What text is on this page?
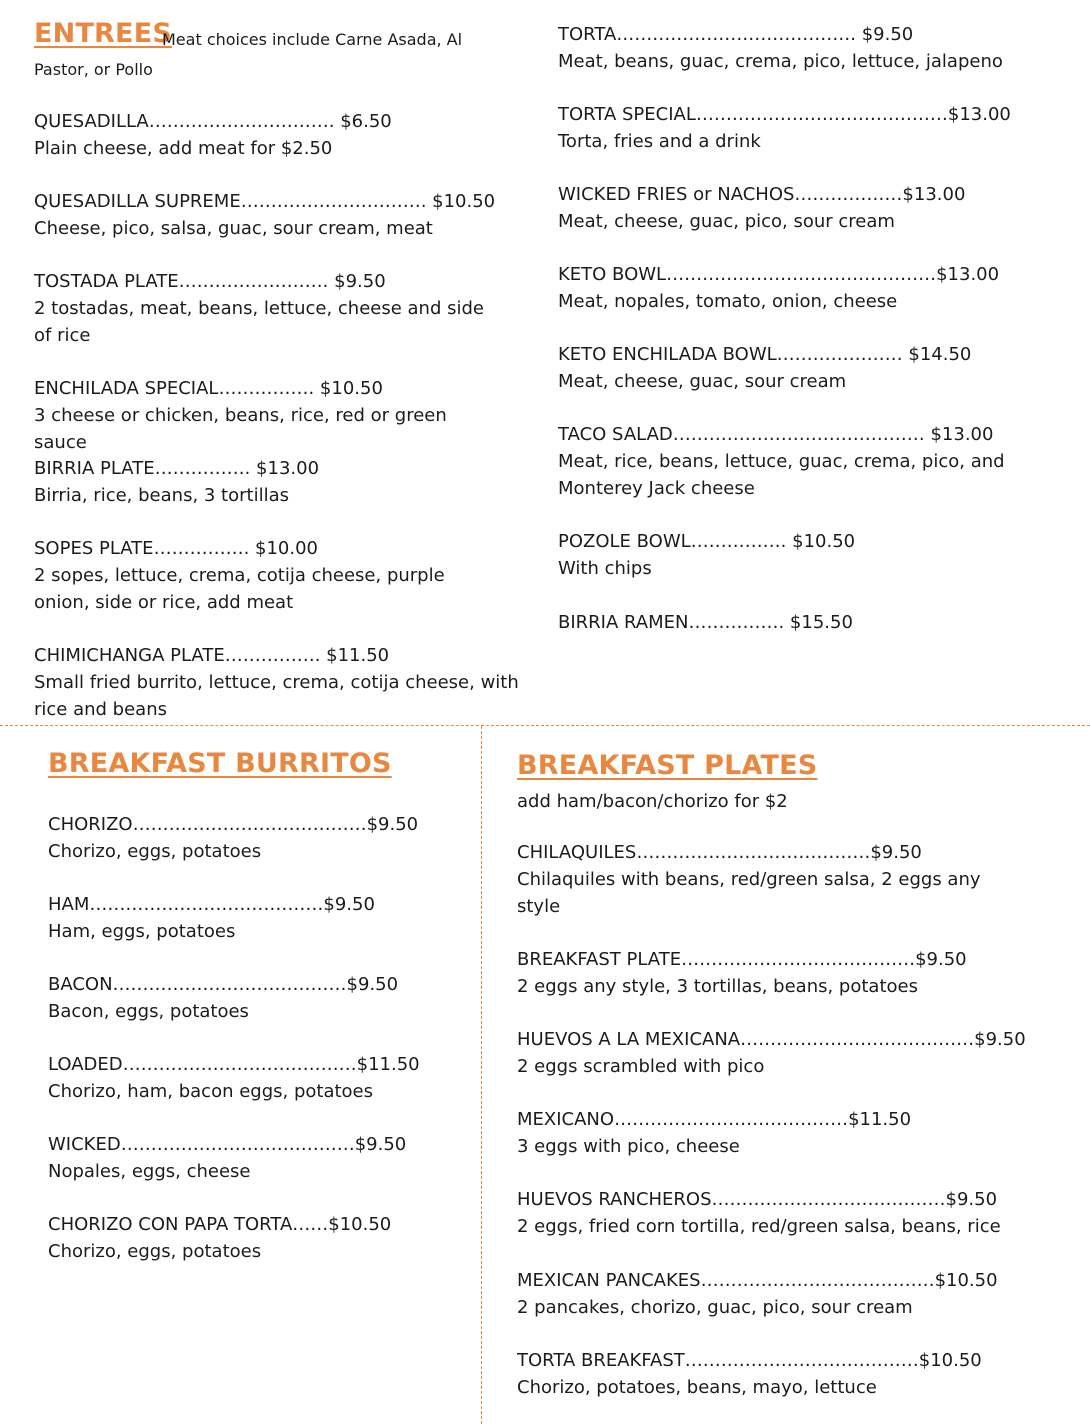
ENTREES
Meat choices include Carne Asada, Al
Pastor, or Pollo
QUESADILLA…………………………. $6.50
Plain cheese, add meat for $2.50
QUESADILLA SUPREME…………………………. $10.50
Cheese, pico, salsa, guac, sour cream, meat
TOSTADA PLATE……………………. $9.50
2 tostadas, meat, beans, lettuce, cheese and side of rice
ENCHILADA SPECIAL……………. $10.50
3 cheese or chicken, beans, rice, red or green sauce
BIRRIA PLATE……………. $13.00
Birria, rice, beans, 3 tortillas
SOPES PLATE……………. $10.00
2 sopes, lettuce, crema, cotija cheese, purple onion, side or rice, add meat
CHIMICHANGA PLATE……………. $11.50
Small fried burrito, lettuce, crema, cotija cheese, with rice and beans
TORTA…………………………………. $9.50
Meat, beans, guac, crema, pico, lettuce, jalapeno
TORTA SPECIAL……………………………………$13.00
Torta, fries and a drink
WICKED FRIES or NACHOS………………$13.00
Meat, cheese, guac, pico, sour cream
KETO BOWL………………………………………$13.00
Meat, nopales, tomato, onion, cheese
KETO ENCHILADA BOWL………………… $14.50
Meat, cheese, guac, sour cream
TACO SALAD…………………………………… $13.00
Meat, rice, beans, lettuce, guac, crema, pico, and Monterey Jack cheese
POZOLE BOWL……………. $10.50
With chips
BIRRIA RAMEN……………. $15.50
BREAKFAST BURRITOS
CHORIZO…………………………………$9.50
Chorizo, eggs, potatoes
HAM…………………………………$9.50
Ham, eggs, potatoes
BACON…………………………………$9.50
Bacon, eggs, potatoes
LOADED…………………………………$11.50
Chorizo, ham, bacon eggs, potatoes
WICKED…………………………………$9.50
Nopales, eggs, cheese
CHORIZO CON PAPA TORTA……$10.50
Chorizo, eggs, potatoes
BREAKFAST PLATES
add ham/bacon/chorizo for $2
CHILAQUILES…………………………………$9.50
Chilaquiles with beans, red/green salsa, 2 eggs any style
BREAKFAST PLATE…………………………………$9.50
2 eggs any style, 3 tortillas, beans, potatoes
HUEVOS A LA MEXICANA…………………………………$9.50
2 eggs scrambled with pico
MEXICANO…………………………………$11.50
3 eggs with pico, cheese
HUEVOS RANCHEROS…………………………………$9.50
2 eggs, fried corn tortilla, red/green salsa, beans, rice
MEXICAN PANCAKES…………………………………$10.50
2 pancakes, chorizo, guac, pico, sour cream
TORTA BREAKFAST…………………………………$10.50
Chorizo, potatoes, beans, mayo, lettuce
